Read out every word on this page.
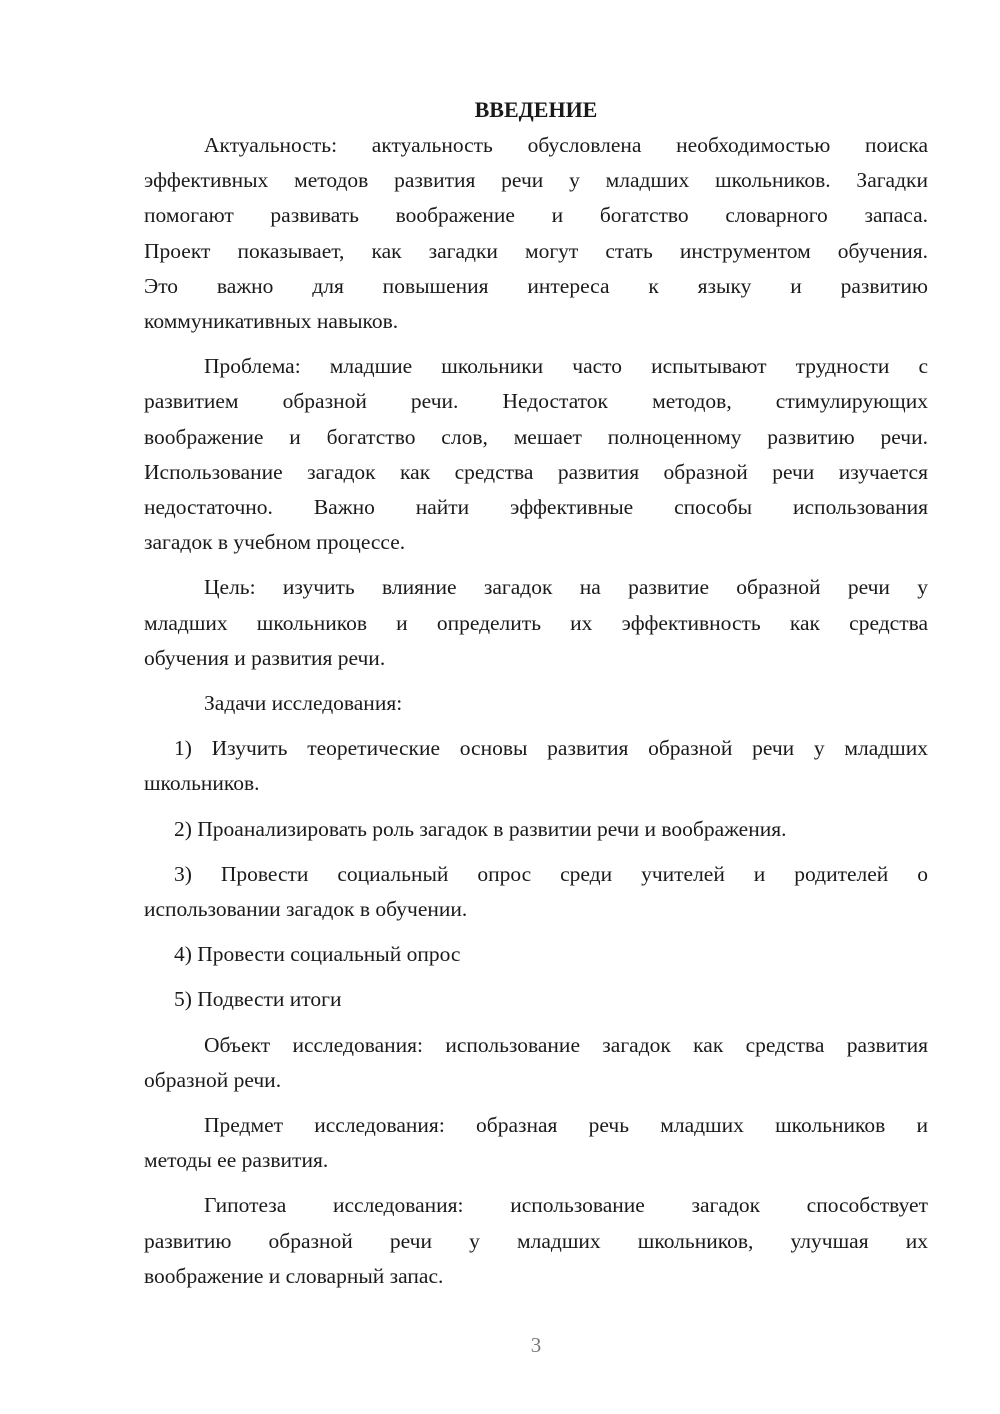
ВВЕДЕНИЕ
Актуальность: актуальность обусловлена необходимостью поиска
эффективных методов развития речи у младших школьников. Загадки
помогают развивать воображение и богатство словарного запаса.
Проект показывает, как загадки могут стать инструментом обучения.
Это важно для повышения интереса к языку и развитию
коммуникативных навыков.
Проблема: младшие школьники часто испытывают трудности с
развитием образной речи. Недостаток методов, стимулирующих
воображение и богатство слов, мешает полноценному развитию речи.
Использование загадок как средства развития образной речи изучается
недостаточно. Важно найти эффективные способы использования
загадок в учебном процессе.
Цель: изучить влияние загадок на развитие образной речи у
младших школьников и определить их эффективность как средства
обучения и развития речи.
Задачи исследования:
1) Изучить теоретические основы развития образной речи у младших
школьников.
2) Проанализировать роль загадок в развитии речи и воображения.
3) Провести социальный опрос среди учителей и родителей о
использовании загадок в обучении.
4) Провести социальный опрос
5) Подвести итоги
Объект исследования: использование загадок как средства развития
образной речи.
Предмет исследования: образная речь младших школьников и
методы ее развития.
Гипотеза исследования: использование загадок способствует
развитию образной речи у младших школьников, улучшая их
воображение и словарный запас.
3
